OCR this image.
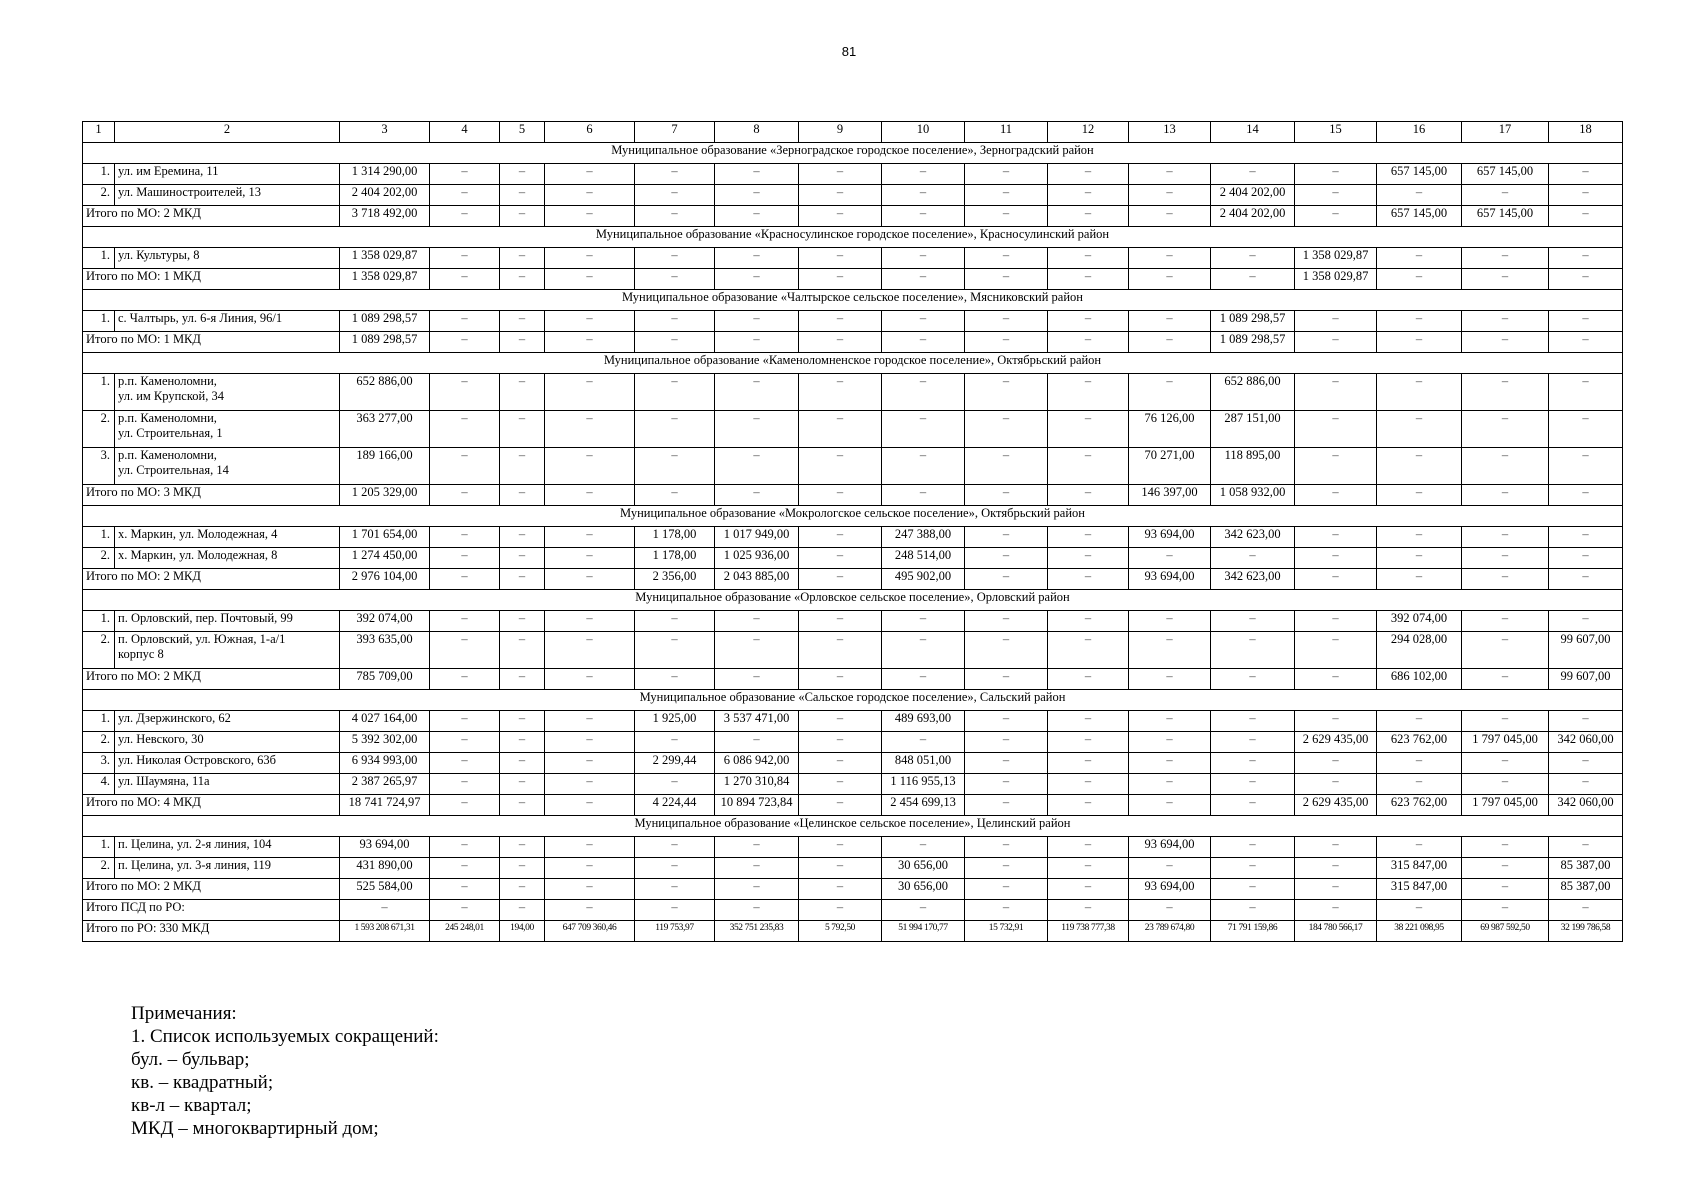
81
1	2	3	4	5	6	7	8	9	10	11	12	13	14	15	16	17	18
Муниципальное образование «Зерноградское городское поселение», Зерноградский район																	
1.	ул. им Еремина, 11	1 314 290,00	–	–	–	–	–	–	–	–	–	–	–	–	657 145,00	657 145,00	–
2.	ул. Машиностроителей, 13	2 404 202,00	–	–	–	–	–	–	–	–	–	–	2 404 202,00	–	–	–	–
Итого по МО: 2 МКД		3 718 492,00	–	–	–	–	–	–	–	–	–	–	2 404 202,00	–	657 145,00	657 145,00	–
Муниципальное образование «Красносулинское городское поселение», Красносулинский район																	
1.	ул. Культуры, 8	1 358 029,87	–	–	–	–	–	–	–	–	–	–	–	1 358 029,87	–	–	–
Итого по МО: 1 МКД		1 358 029,87	–	–	–	–	–	–	–	–	–	–	–	1 358 029,87	–	–	–
Муниципальное образование «Чалтырское сельское поселение», Мясниковский район																	
1.	с. Чалтырь, ул. 6-я Линия, 96/1	1 089 298,57	–	–	–	–	–	–	–	–	–	–	1 089 298,57	–	–	–	–
Итого по МО: 1 МКД		1 089 298,57	–	–	–	–	–	–	–	–	–	–	1 089 298,57	–	–	–	–
Муниципальное образование «Каменоломненское городское поселение», Октябрьский район																	
1.	р.п. Каменоломни,
ул. им Крупской, 34	652 886,00	–	–	–	–	–	–	–	–	–	–	652 886,00	–	–	–	–
2.	р.п. Каменоломни,
ул. Строительная, 1	363 277,00	–	–	–	–	–	–	–	–	–	76 126,00	287 151,00	–	–	–	–
3.	р.п. Каменоломни,
ул. Строительная, 14	189 166,00	–	–	–	–	–	–	–	–	–	70 271,00	118 895,00	–	–	–	–
Итого по МО: 3 МКД		1 205 329,00	–	–	–	–	–	–	–	–	–	146 397,00	1 058 932,00	–	–	–	–
Муниципальное образование «Мокрологское сельское поселение», Октябрьский район																	
1.	х. Маркин, ул. Молодежная, 4	1 701 654,00	–	–	–	1 178,00	1 017 949,00	–	247 388,00	–	–	93 694,00	342 623,00	–	–	–	–
2.	х. Маркин, ул. Молодежная, 8	1 274 450,00	–	–	–	1 178,00	1 025 936,00	–	248 514,00	–	–	–	–	–	–	–	–
Итого по МО: 2 МКД		2 976 104,00	–	–	–	2 356,00	2 043 885,00	–	495 902,00	–	–	93 694,00	342 623,00	–	–	–	–
Муниципальное образование «Орловское сельское поселение», Орловский район																	
1.	п. Орловский, пер. Почтовый, 99	392 074,00	–	–	–	–	–	–	–	–	–	–	–	–	392 074,00	–	–
2.	п. Орловский, ул. Южная, 1-а/1
корпус 8	393 635,00	–	–	–	–	–	–	–	–	–	–	–	–	294 028,00	–	99 607,00
Итого по МО: 2 МКД		785 709,00	–	–	–	–	–	–	–	–	–	–	–	–	686 102,00	–	99 607,00
Муниципальное образование «Сальское городское поселение», Сальский район																	
1.	ул. Дзержинского, 62	4 027 164,00	–	–	–	1 925,00	3 537 471,00	–	489 693,00	–	–	–	–	–	–	–	–
2.	ул. Невского, 30	5 392 302,00	–	–	–	–	–	–	–	–	–	–	–	2 629 435,00	623 762,00	1 797 045,00	342 060,00
3.	ул. Николая Островского, 63б	6 934 993,00	–	–	–	2 299,44	6 086 942,00	–	848 051,00	–	–	–	–	–	–	–	–
4.	ул. Шаумяна, 11а	2 387 265,97	–	–	–	–	1 270 310,84	–	1 116 955,13	–	–	–	–	–	–	–	–
Итого по МО: 4 МКД		18 741 724,97	–	–	–	4 224,44	10 894 723,84	–	2 454 699,13	–	–	–	–	2 629 435,00	623 762,00	1 797 045,00	342 060,00
Муниципальное образование «Целинское сельское поселение», Целинский район																	
1.	п. Целина, ул. 2-я линия, 104	93 694,00	–	–	–	–	–	–	–	–	–	93 694,00	–	–	–	–	–
2.	п. Целина, ул. 3-я линия, 119	431 890,00	–	–	–	–	–	–	30 656,00	–	–	–	–	–	315 847,00	–	85 387,00
Итого по МО: 2 МКД		525 584,00	–	–	–	–	–	–	30 656,00	–	–	93 694,00	–	–	315 847,00	–	85 387,00
Итого ПСД по РО:		–	–	–	–	–	–	–	–	–	–	–	–	–	–	–	–
Итого по РО: 330 МКД		1 593 208 671,31	245 248,01	194,00	647 709 360,46	119 753,97	352 751 235,83	5 792,50	51 994 170,77	15 732,91	119 738 777,38	23 789 674,80	71 791 159,86	184 780 566,17	38 221 098,95	69 987 592,50	32 199 786,58
Примечания:
1. Список используемых сокращений:
бул. – бульвар;
кв. – квадратный;
кв-л – квартал;
МКД – многоквартирный дом;
